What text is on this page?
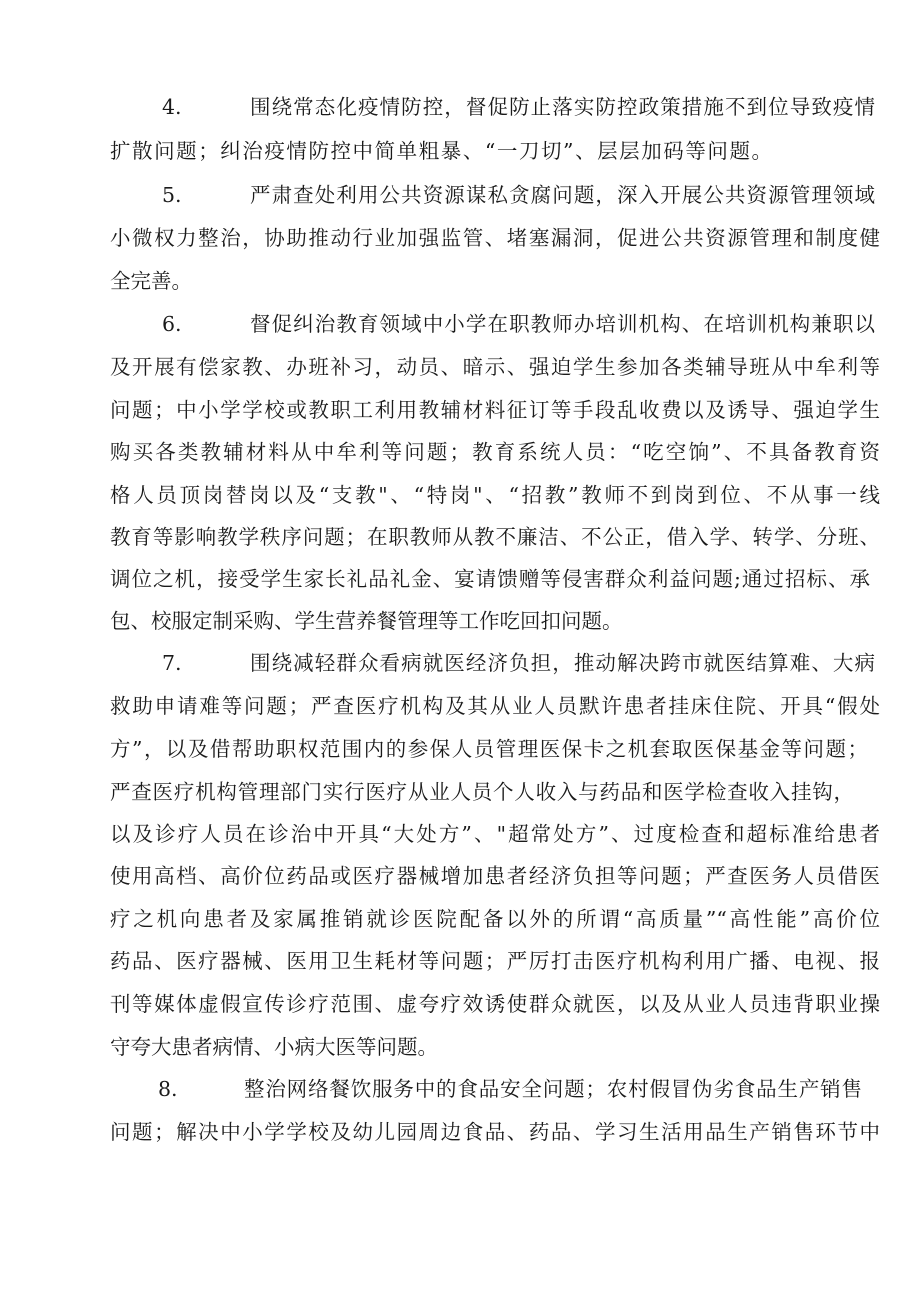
4.	围绕常态化疫情防控，督促防止落实防控政策措施不到位导致疫情
扩散问题；纠治疫情防控中简单粗暴、“一刀切”、层层加码等问题。
5.	严肃查处利用公共资源谋私贪腐问题，深入开展公共资源管理领域
小微权力整治，协助推动行业加强监管、堵塞漏洞，促进公共资源管理和制度健
全完善。
6.	督促纠治教育领域中小学在职教师办培训机构、在培训机构兼职以
及开展有偿家教、办班补习，动员、暗示、强迫学生参加各类辅导班从中牟利等
问题；中小学学校或教职工利用教辅材料征订等手段乱收费以及诱导、强迫学生
购买各类教辅材料从中牟利等问题；教育系统人员：“吃空饷”、不具备教育资
格人员顶岗替岗以及“支教"、“特岗"、“招教”教师不到岗到位、不从事一线
教育等影响教学秩序问题；在职教师从教不廉洁、不公正，借入学、转学、分班、
调位之机，接受学生家长礼品礼金、宴请馈赠等侵害群众利益问题;通过招标、承
包、校服定制采购、学生营养餐管理等工作吃回扣问题。
7.	围绕减轻群众看病就医经济负担，推动解决跨市就医结算难、大病
救助申请难等问题；严查医疗机构及其从业人员默许患者挂床住院、开具“假处
方”，以及借帮助职权范围内的参保人员管理医保卡之机套取医保基金等问题；
严查医疗机构管理部门实行医疗从业人员个人收入与药品和医学检查收入挂钩，
以及诊疗人员在诊治中开具“大处方”、"超常处方”、过度检查和超标准给患者
使用高档、高价位药品或医疗器械增加患者经济负担等问题；严查医务人员借医
疗之机向患者及家属推销就诊医院配备以外的所谓“高质量”“高性能”高价位
药品、医疗器械、医用卫生耗材等问题；严厉打击医疗机构利用广播、电视、报
刊等媒体虚假宣传诊疗范围、虚夸疗效诱使群众就医，以及从业人员违背职业操
守夸大患者病情、小病大医等问题。
8.	整治网络餐饮服务中的食品安全问题；农村假冒伪劣食品生产销售
问题；解决中小学学校及幼儿园周边食品、药品、学习生活用品生产销售环节中
